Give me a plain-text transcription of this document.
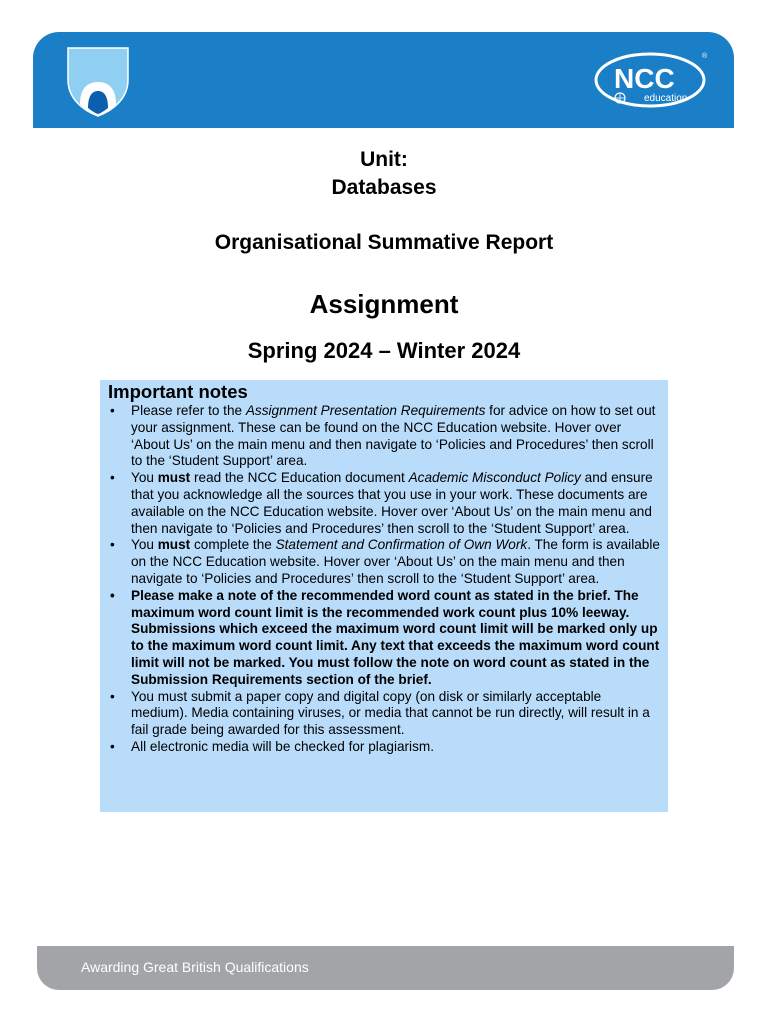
NCC
education
®
Unit:
Databases
Organisational Summative Report
Assignment
Spring 2024 – Winter 2024
Important notes
• Please refer to the Assignment Presentation Requirements for advice on how to set out your assignment. These can be found on the NCC Education website. Hover over ‘About Us’ on the main menu and then navigate to ‘Policies and Procedures’ then scroll to the ‘Student Support’ area.
• You must read the NCC Education document Academic Misconduct Policy and ensure that you acknowledge all the sources that you use in your work. These documents are available on the NCC Education website. Hover over ‘About Us’ on the main menu and then navigate to ‘Policies and Procedures’ then scroll to the ‘Student Support’ area.
• You must complete the Statement and Confirmation of Own Work. The form is available on the NCC Education website. Hover over ‘About Us’ on the main menu and then navigate to ‘Policies and Procedures’ then scroll to the ‘Student Support’ area.
• Please make a note of the recommended word count as stated in the brief. The maximum word count limit is the recommended work count plus 10% leeway. Submissions which exceed the maximum word count limit will be marked only up to the maximum word count limit. Any text that exceeds the maximum word count limit will not be marked. You must follow the note on word count as stated in the Submission Requirements section of the brief.
• You must submit a paper copy and digital copy (on disk or similarly acceptable medium). Media containing viruses, or media that cannot be run directly, will result in a fail grade being awarded for this assessment.
• All electronic media will be checked for plagiarism.
Awarding Great British Qualifications
